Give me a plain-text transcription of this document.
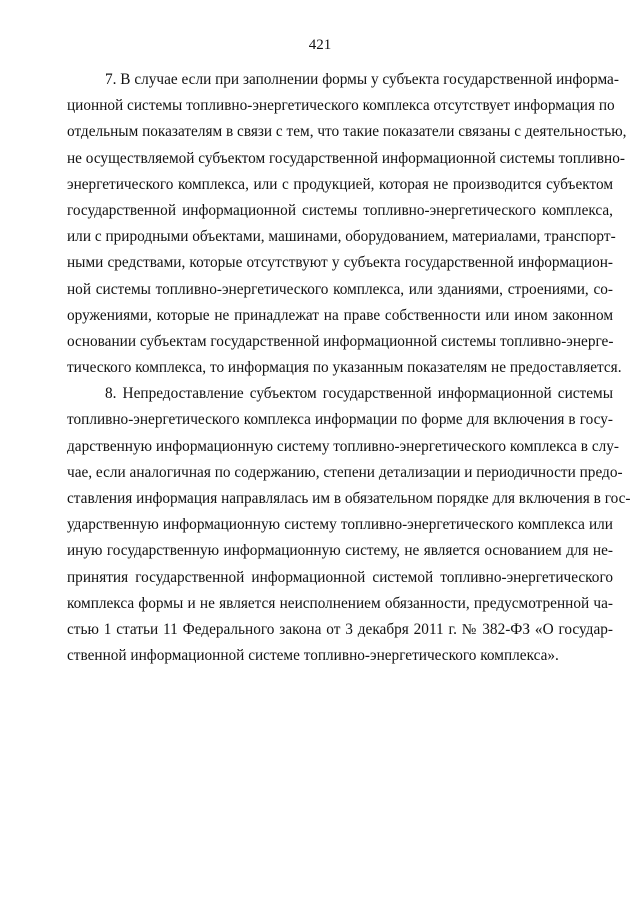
421
7. В случае если при заполнении формы у субъекта государственной информа-
ционной системы топливно-энергетического комплекса отсутствует информация по
отдельным показателям в связи с тем, что такие показатели связаны с деятельностью,
не осуществляемой субъектом государственной информационной системы топливно-
энергетического комплекса, или с продукцией, которая не производится субъектом
государственной информационной системы топливно-энергетического комплекса,
или с природными объектами, машинами, оборудованием, материалами, транспорт-
ными средствами, которые отсутствуют у субъекта государственной информацион-
ной системы топливно-энергетического комплекса, или зданиями, строениями, со-
оружениями, которые не принадлежат на праве собственности или ином законном
основании субъектам государственной информационной системы топливно-энерге-
тического комплекса, то информация по указанным показателям не предоставляется.
8. Непредоставление субъектом государственной информационной системы
топливно-энергетического комплекса информации по форме для включения в госу-
дарственную информационную систему топливно-энергетического комплекса в слу-
чае, если аналогичная по содержанию, степени детализации и периодичности предо-
ставления информация направлялась им в обязательном порядке для включения в гос-
ударственную информационную систему топливно-энергетического комплекса или
иную государственную информационную систему, не является основанием для не-
принятия государственной информационной системой топливно-энергетического
комплекса формы и не является неисполнением обязанности, предусмотренной ча-
стью 1 статьи 11 Федерального закона от 3 декабря 2011 г. № 382-ФЗ «О государ-
ственной информационной системе топливно-энергетического комплекса».
